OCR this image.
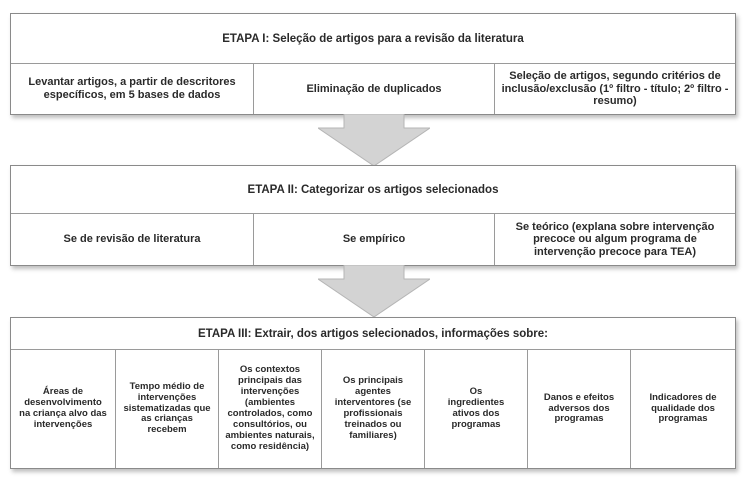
ETAPA I: Seleção de artigos para a revisão da literatura
Levantar artigos, a partir de descritores específicos, em 5 bases de dados
Eliminação de duplicados
Seleção de artigos, segundo critérios de inclusão/exclusão (1º filtro - título; 2º filtro - resumo)
ETAPA II: Categorizar os artigos selecionados
Se de revisão de literatura	Se empírico
Se teórico (explana sobre intervenção precoce ou algum programa de intervenção precoce para TEA)
ETAPA III: Extrair, dos artigos selecionados, informações sobre:
Áreas de desenvolvimento na criança alvo das intervenções
Tempo médio de intervenções sistematizadas que as crianças recebem
Os contextos principais das intervenções (ambientes controlados, como consultórios, ou ambientes naturais, como residência)
Os principais agentes interventores (se profissionais treinados ou familiares)
Os ingredientes ativos dos programas
Danos e efeitos adversos dos programas
Indicadores de qualidade dos programas
